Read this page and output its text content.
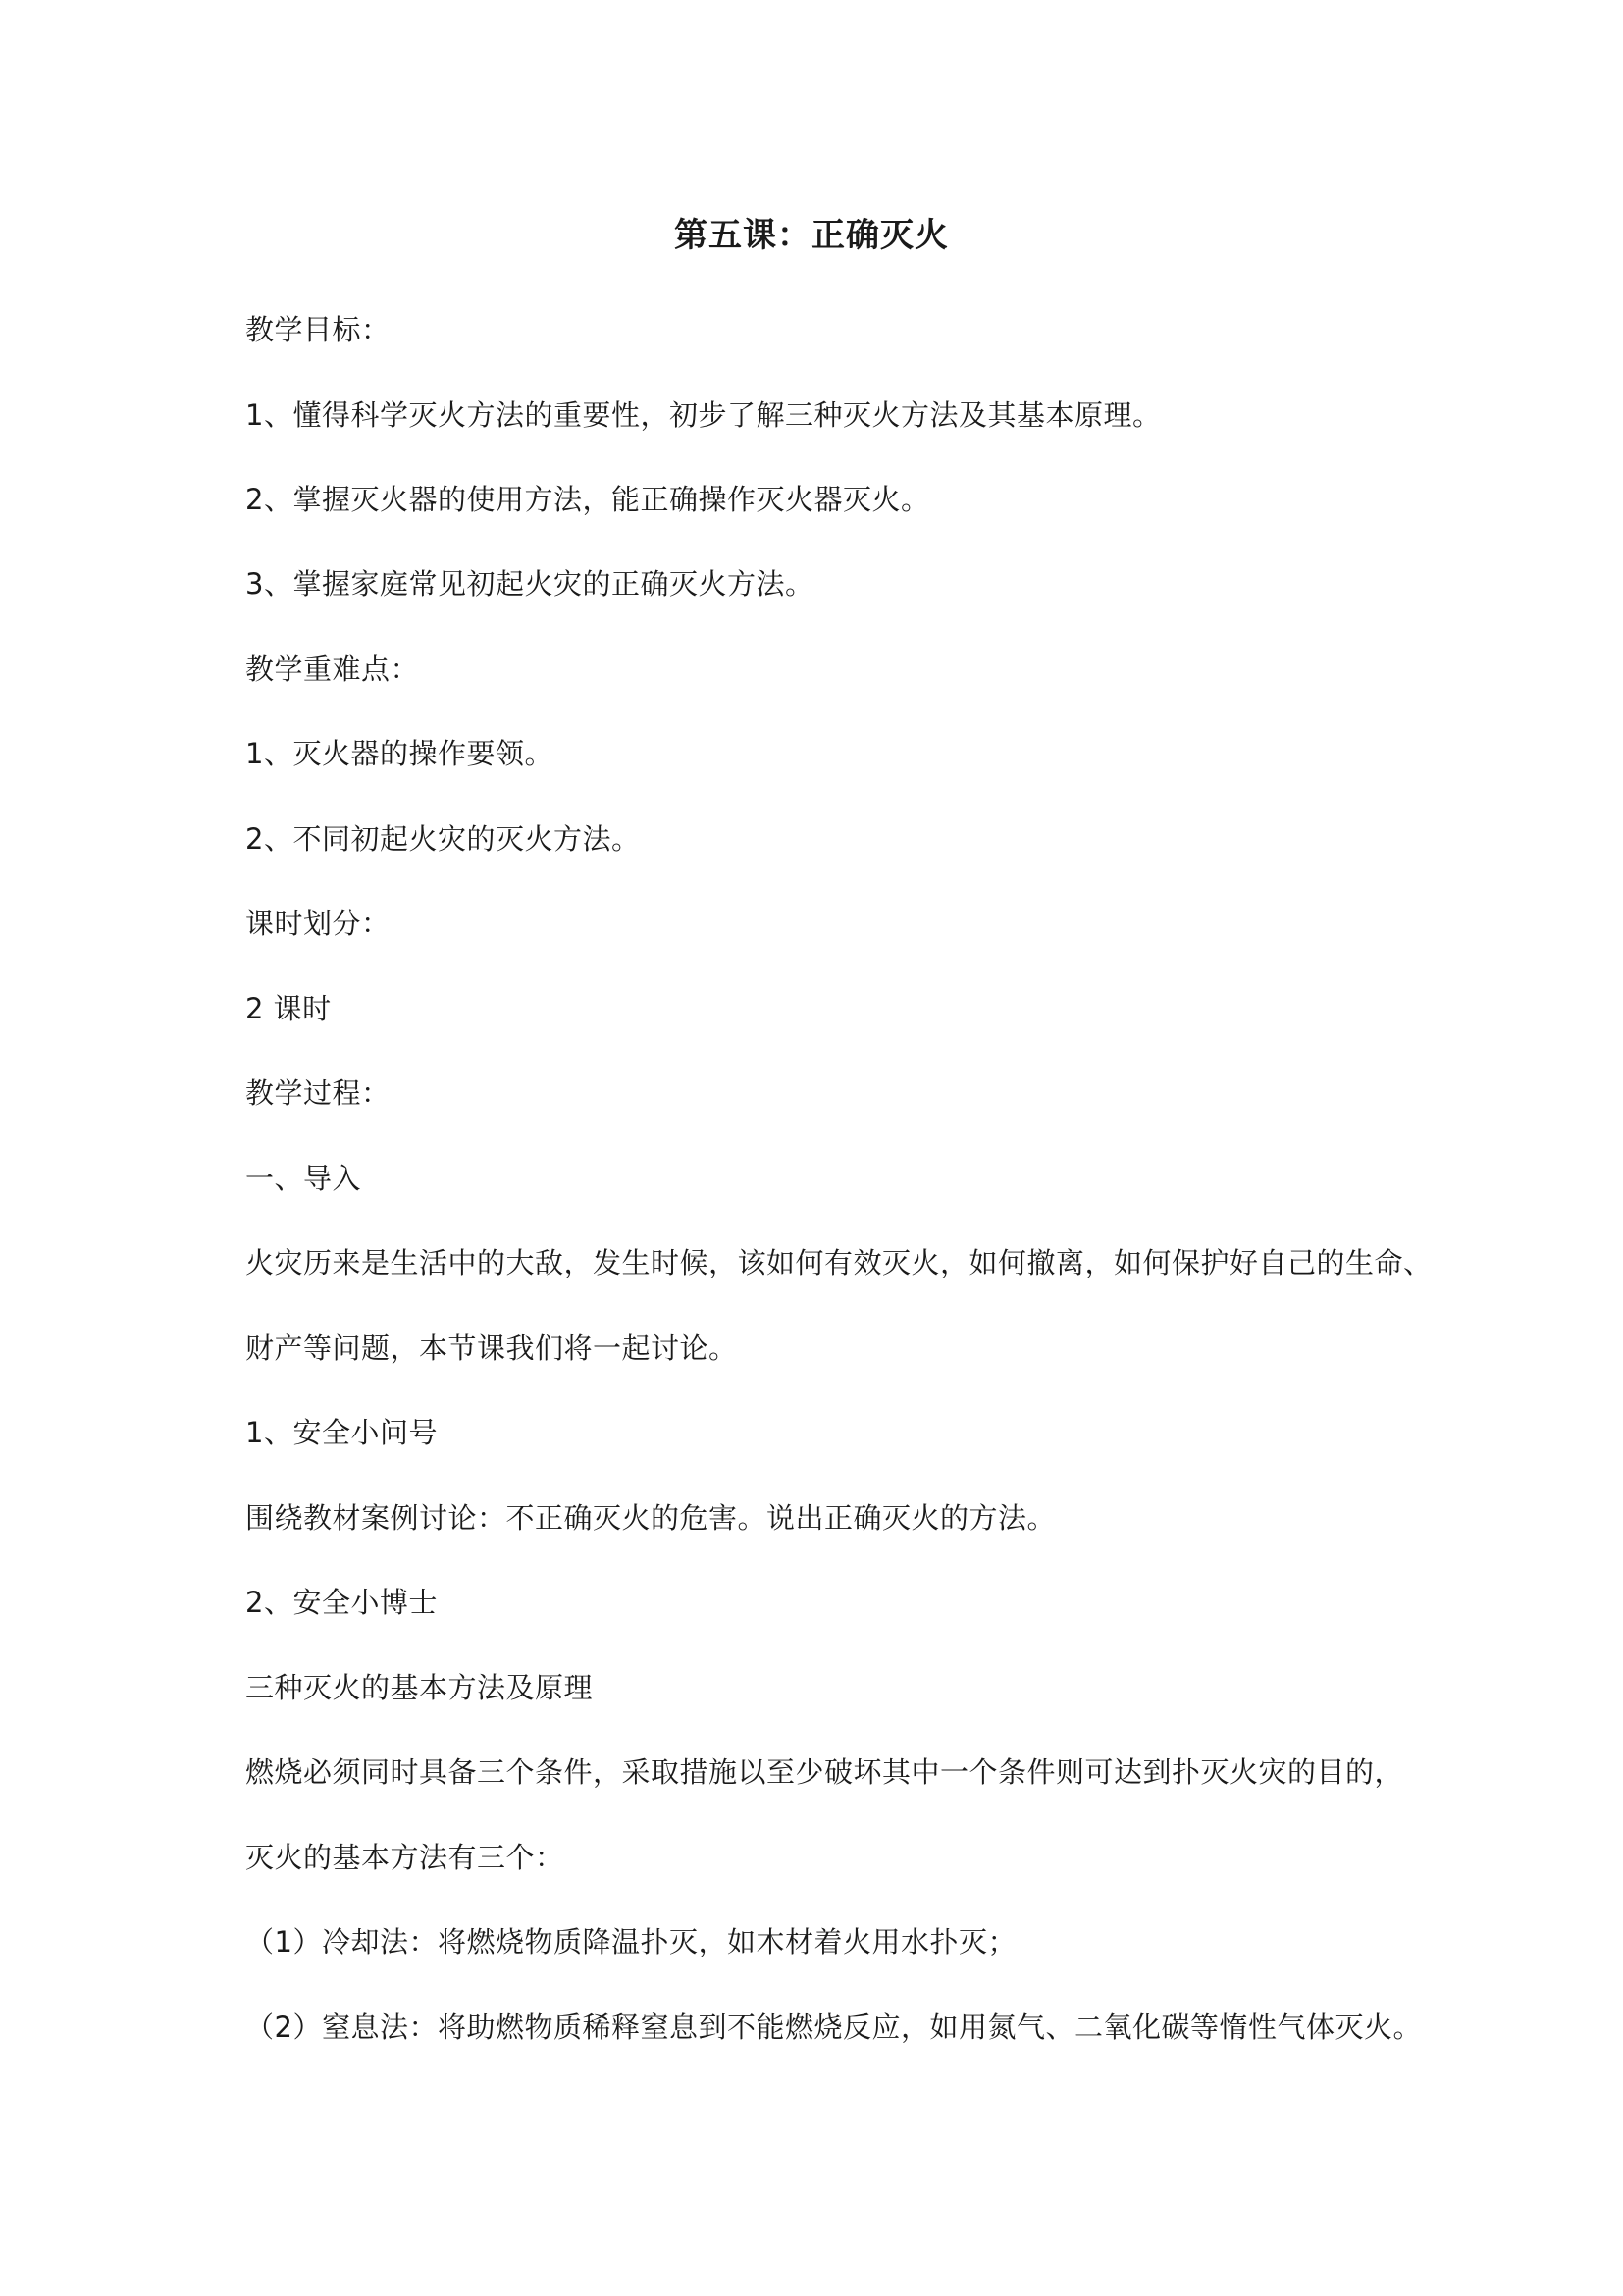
第五课：正确灭火
教学目标：
1、懂得科学灭火方法的重要性，初步了解三种灭火方法及其基本原理。
2、掌握灭火器的使用方法，能正确操作灭火器灭火。
3、掌握家庭常见初起火灾的正确灭火方法。
教学重难点：
1、灭火器的操作要领。
2、不同初起火灾的灭火方法。
课时划分：
2 课时
教学过程：
一、导入
火灾历来是生活中的大敌，发生时候，该如何有效灭火，如何撤离，如何保护好自己的生命、
财产等问题，本节课我们将一起讨论。
1、安全小问号
围绕教材案例讨论：不正确灭火的危害。说出正确灭火的方法。
2、安全小博士
三种灭火的基本方法及原理
燃烧必须同时具备三个条件，采取措施以至少破坏其中一个条件则可达到扑灭火灾的目的，
灭火的基本方法有三个：
（1）冷却法：将燃烧物质降温扑灭，如木材着火用水扑灭；
（2）窒息法：将助燃物质稀释窒息到不能燃烧反应，如用氮气、二氧化碳等惰性气体灭火。
